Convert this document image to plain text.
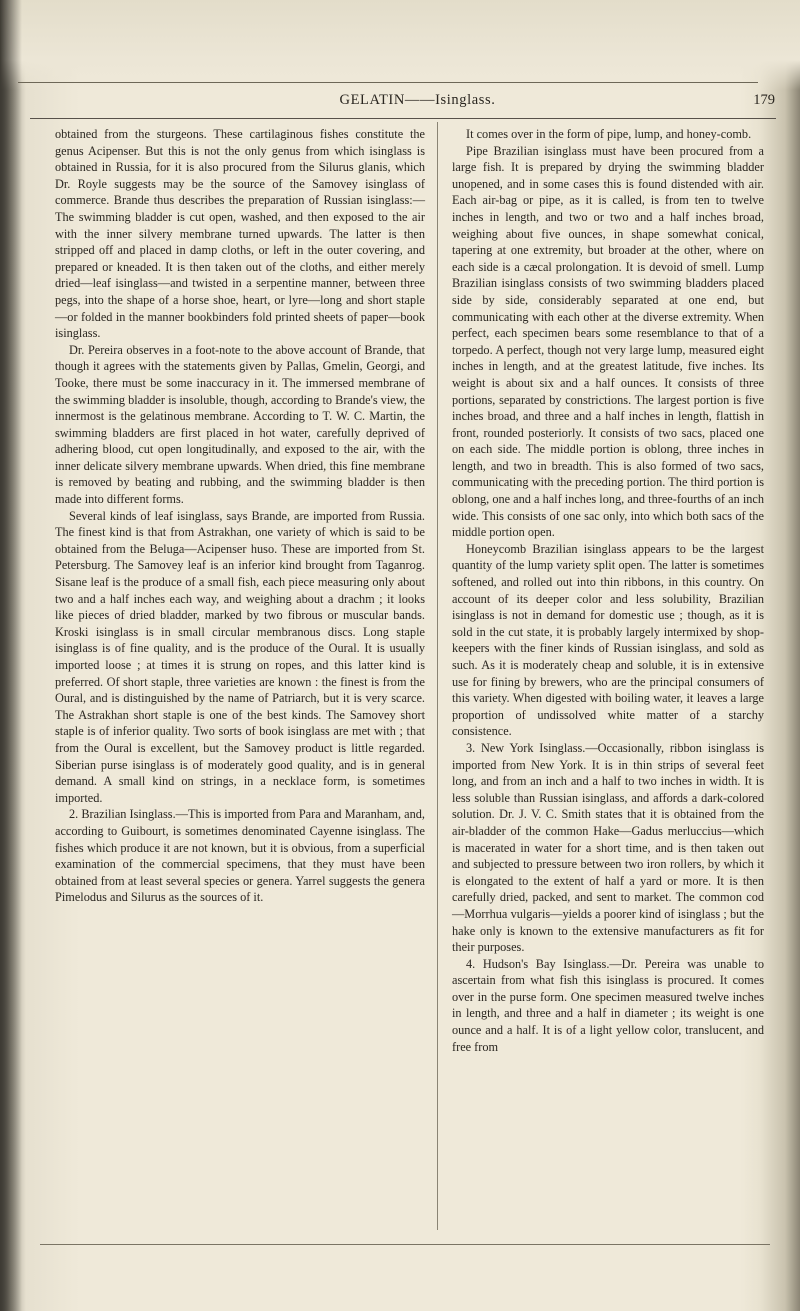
GELATIN——Isinglass.	179

obtained from the sturgeons. These cartilaginous fishes constitute the genus Acipenser. But this is not the only genus from which isinglass is obtained in Russia, for it is also procured from the Silurus glanis, which Dr. Royle suggests may be the source of the Samovey isinglass of commerce. Brande thus describes the preparation of Russian isinglass:—The swimming bladder is cut open, washed, and then exposed to the air with the inner silvery membrane turned upwards. The latter is then stripped off and placed in damp cloths, or left in the outer covering, and prepared or kneaded. It is then taken out of the cloths, and either merely dried—leaf isinglass—and twisted in a serpentine manner, between three pegs, into the shape of a horse shoe, heart, or lyre—long and short staple—or folded in the manner bookbinders fold printed sheets of paper—book isinglass.

Dr. Pereira observes in a foot-note to the above account of Brande, that though it agrees with the statements given by Pallas, Gmelin, Georgi, and Tooke, there must be some inaccuracy in it. The immersed membrane of the swimming bladder is insoluble, though, according to Brande's view, the innermost is the gelatinous membrane. According to T. W. C. Martin, the swimming bladders are first placed in hot water, carefully deprived of adhering blood, cut open longitudinally, and exposed to the air, with the inner delicate silvery membrane upwards. When dried, this fine membrane is removed by beating and rubbing, and the swimming bladder is then made into different forms.

Several kinds of leaf isinglass, says Brande, are imported from Russia. The finest kind is that from Astrakhan, one variety of which is said to be obtained from the Beluga—Acipenser huso. These are imported from St. Petersburg. The Samovey leaf is an inferior kind brought from Taganrog. Sisane leaf is the produce of a small fish, each piece measuring only about two and a half inches each way, and weighing about a drachm ; it looks like pieces of dried bladder, marked by two fibrous or muscular bands. Kroski isinglass is in small circular membranous discs. Long staple isinglass is of fine quality, and is the produce of the Oural. It is usually imported loose ; at times it is strung on ropes, and this latter kind is preferred. Of short staple, three varieties are known : the finest is from the Oural, and is distinguished by the name of Patriarch, but it is very scarce. The Astrakhan short staple is one of the best kinds. The Samovey short staple is of inferior quality. Two sorts of book isinglass are met with ; that from the Oural is excellent, but the Samovey product is little regarded. Siberian purse isinglass is of moderately good quality, and is in general demand. A small kind on strings, in a necklace form, is sometimes imported.

2. Brazilian Isinglass.—This is imported from Para and Maranham, and, according to Guibourt, is sometimes denominated Cayenne isinglass. The fishes which produce it are not known, but it is obvious, from a superficial examination of the commercial specimens, that they must have been obtained from at least several species or genera. Yarrel suggests the genera Pimelodus and Silurus as the sources of it.

It comes over in the form of pipe, lump, and honey-comb.

Pipe Brazilian isinglass must have been procured from a large fish. It is prepared by drying the swimming bladder unopened, and in some cases this is found distended with air. Each air-bag or pipe, as it is called, is from ten to twelve inches in length, and two or two and a half inches broad, weighing about five ounces, in shape somewhat conical, tapering at one extremity, but broader at the other, where on each side is a cæcal prolongation. It is devoid of smell. Lump Brazilian isinglass consists of two swimming bladders placed side by side, considerably separated at one end, but communicating with each other at the diverse extremity. When perfect, each specimen bears some resemblance to that of a torpedo. A perfect, though not very large lump, measured eight inches in length, and at the greatest latitude, five inches. Its weight is about six and a half ounces. It consists of three portions, separated by constrictions. The largest portion is five inches broad, and three and a half inches in length, flattish in front, rounded posteriorly. It consists of two sacs, placed one on each side. The middle portion is oblong, three inches in length, and two in breadth. This is also formed of two sacs, communicating with the preceding portion. The third portion is oblong, one and a half inches long, and three-fourths of an inch wide. This consists of one sac only, into which both sacs of the middle portion open.

Honeycomb Brazilian isinglass appears to be the largest quantity of the lump variety split open. The latter is sometimes softened, and rolled out into thin ribbons, in this country. On account of its deeper color and less solubility, Brazilian isinglass is not in demand for domestic use ; though, as it is sold in the cut state, it is probably largely intermixed by shop-keepers with the finer kinds of Russian isinglass, and sold as such. As it is moderately cheap and soluble, it is in extensive use for fining by brewers, who are the principal consumers of this variety. When digested with boiling water, it leaves a large proportion of undissolved white matter of a starchy consistence.

3. New York Isinglass.—Occasionally, ribbon isinglass is imported from New York. It is in thin strips of several feet long, and from an inch and a half to two inches in width. It is less soluble than Russian isinglass, and affords a dark-colored solution. Dr. J. V. C. Smith states that it is obtained from the air-bladder of the common Hake—Gadus merluccius—which is macerated in water for a short time, and is then taken out and subjected to pressure between two iron rollers, by which it is elongated to the extent of half a yard or more. It is then carefully dried, packed, and sent to market. The common cod—Morrhua vulgaris—yields a poorer kind of isinglass ; but the hake only is known to the extensive manufacturers as fit for their purposes.

4. Hudson's Bay Isinglass.—Dr. Pereira was unable to ascertain from what fish this isinglass is procured. It comes over in the purse form. One specimen measured twelve inches in length, and three and a half in diameter ; its weight is one ounce and a half. It is of a light yellow color, translucent, and free from
